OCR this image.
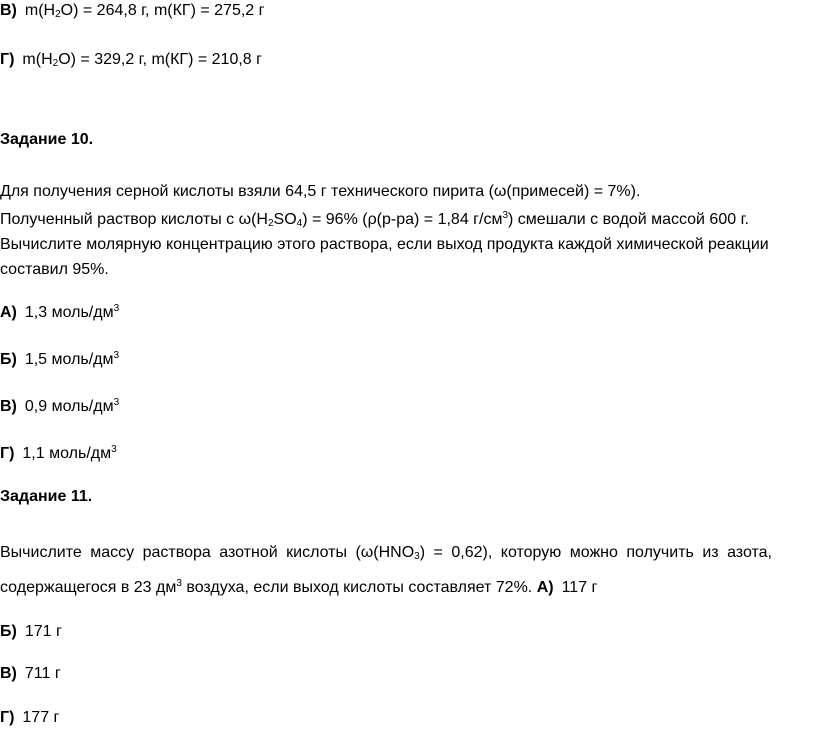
В) $m(H_2O) = 264,8$ г, m(КГ) = 275,2 г
Г) $m(H_2O) = 329,2$ г, m(КГ) = 210,8 г
Задание 10.
Для получения серной кислоты взяли 64,5 г технического пирита (ω(примесей) = 7%).
Полученный раствор кислоты с $\omega(H_2SO_4) = 96\%$ (ρ(р-ра) = 1,84 $г/см^3$) смешали с водой массой 600 г.
Вычислите молярную концентрацию этого раствора, если выход продукта каждой химической реакции
составил 95%.
А) 1,3 моль/$дм^3$
Б) 1,5 моль/$дм^3$
В) 0,9 моль/$дм^3$
Г) 1,1 моль/$дм^3$
Задание 11.
Вычислите массу раствора азотной кислоты $(\omega(HNO_3) = 0,62)$, которую можно получить из азота,
содержащегося в 23 $дм^3$ воздуха, если выход кислоты составляет 72%. А) 117 г
Б) 171 г
В) 711 г
Г) 177 г
